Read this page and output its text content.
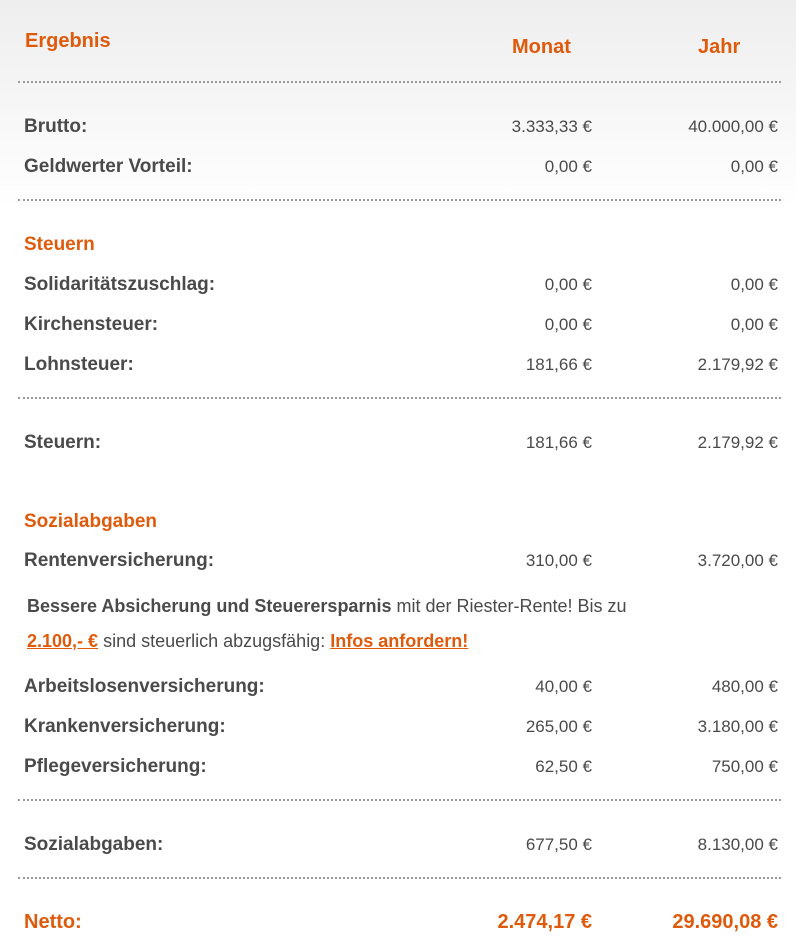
Ergebnis	Monat	Jahr
Brutto:	3.333,33 €	40.000,00 €
Geldwerter Vorteil:	0,00 €	0,00 €
Steuern
Solidaritätszuschlag:	0,00 €	0,00 €
Kirchensteuer:	0,00 €	0,00 €
Lohnsteuer:	181,66 €	2.179,92 €
Steuern:	181,66 €	2.179,92 €
Sozialabgaben
Rentenversicherung:	310,00 €	3.720,00 €
Bessere Absicherung und Steuerersparnis mit der Riester-Rente! Bis zu
2.100,- € sind steuerlich abzugsfähig: Infos anfordern!
Arbeitslosenversicherung:	40,00 €	480,00 €
Krankenversicherung:	265,00 €	3.180,00 €
Pflegeversicherung:	62,50 €	750,00 €
Sozialabgaben:	677,50 €	8.130,00 €
Netto:	2.474,17 €	29.690,08 €
